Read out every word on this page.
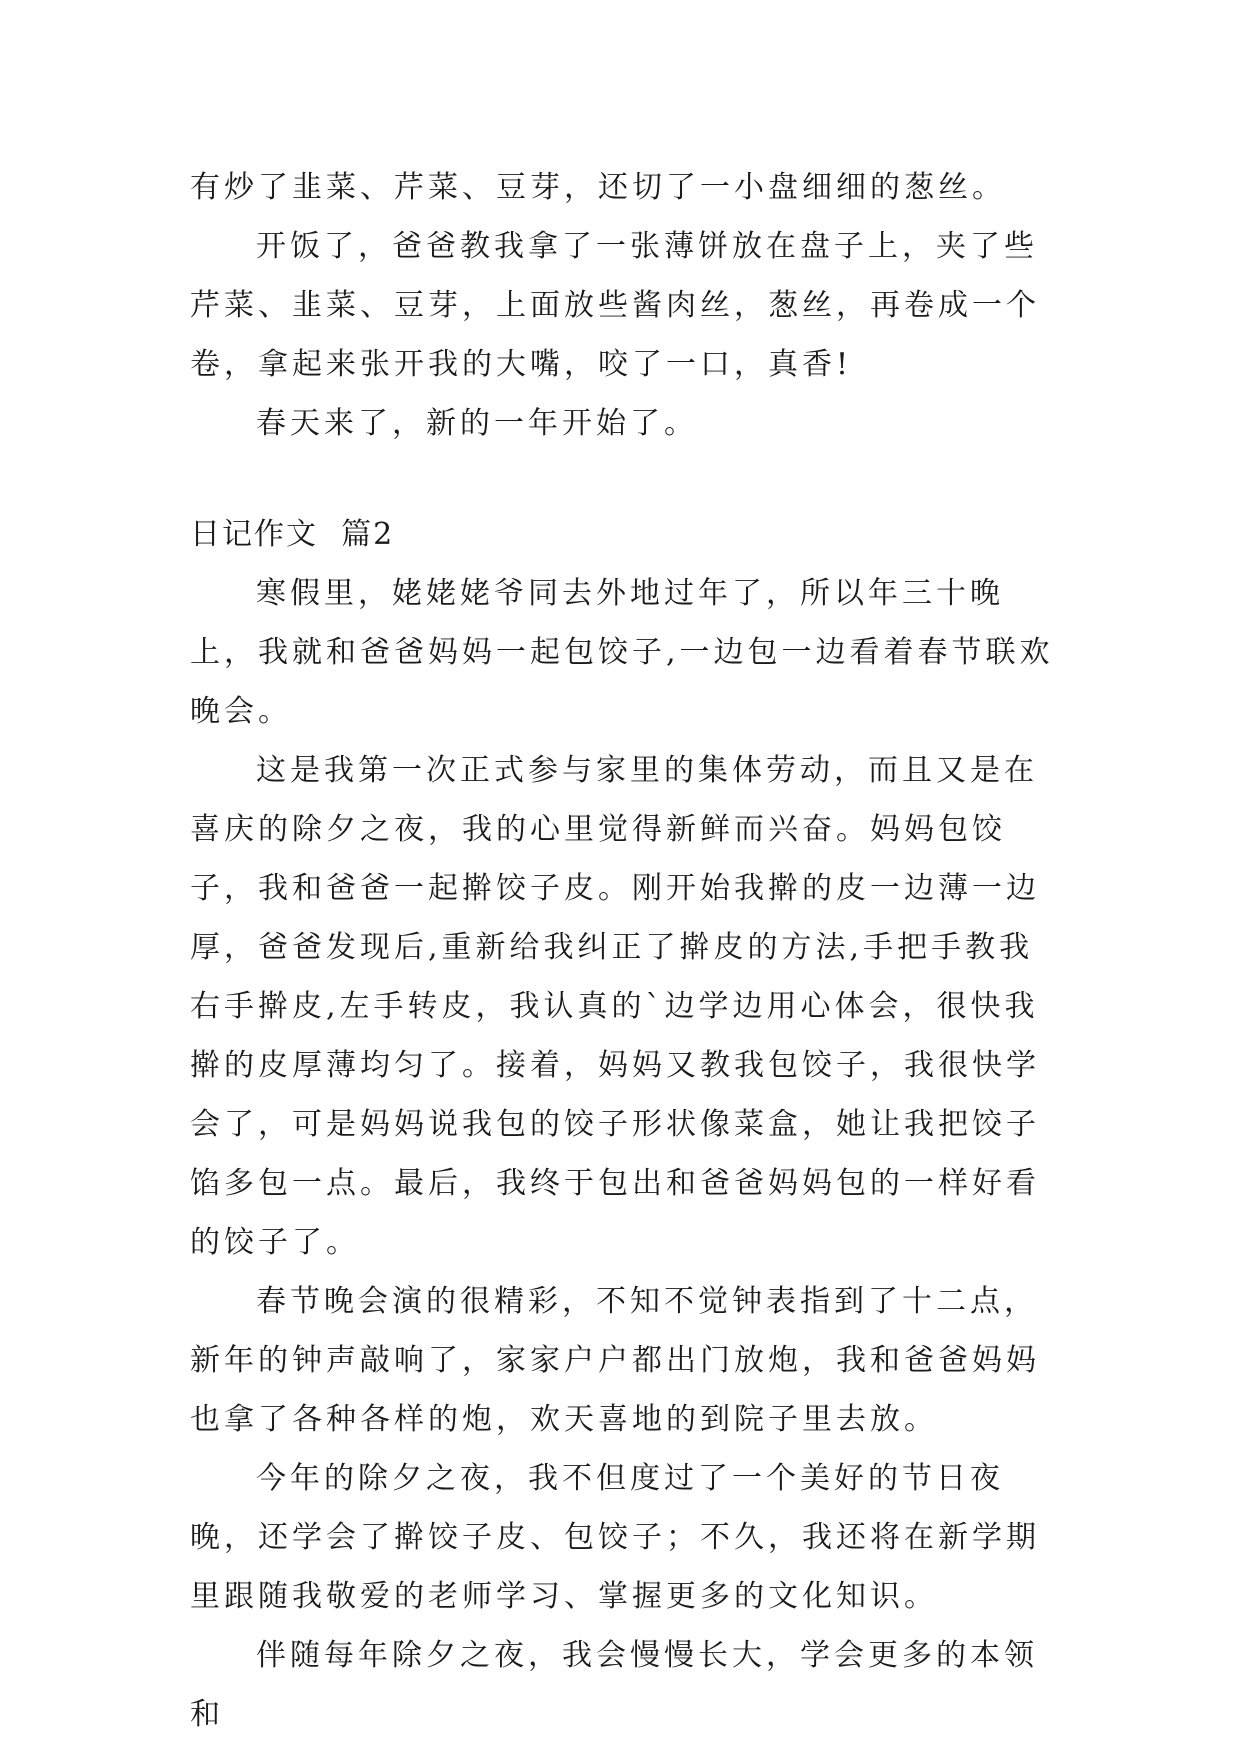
有炒了韭菜、芹菜、豆芽，还切了一小盘细细的葱丝。

开饭了，爸爸教我拿了一张薄饼放在盘子上，夹了些芹菜、韭菜、豆芽，上面放些酱肉丝，葱丝，再卷成一个卷，拿起来张开我的大嘴，咬了一口，真香!

春天来了，新的一年开始了。

日记作文  篇2

寒假里，姥姥姥爷同去外地过年了，所以年三十晚上，我就和爸爸妈妈一起包饺子,一边包一边看着春节联欢晚会。

这是我第一次正式参与家里的集体劳动，而且又是在喜庆的除夕之夜，我的心里觉得新鲜而兴奋。妈妈包饺子，我和爸爸一起擀饺子皮。刚开始我擀的皮一边薄一边厚，爸爸发现后,重新给我纠正了擀皮的方法,手把手教我右手擀皮,左手转皮，我认真的`边学边用心体会，很快我擀的皮厚薄均匀了。接着，妈妈又教我包饺子，我很快学会了，可是妈妈说我包的饺子形状像菜盒，她让我把饺子馅多包一点。最后，我终于包出和爸爸妈妈包的一样好看的饺子了。

春节晚会演的很精彩，不知不觉钟表指到了十二点，新年的钟声敲响了，家家户户都出门放炮，我和爸爸妈妈也拿了各种各样的炮，欢天喜地的到院子里去放。

今年的除夕之夜，我不但度过了一个美好的节日夜晚，还学会了擀饺子皮、包饺子；不久，我还将在新学期里跟随我敬爱的老师学习、掌握更多的文化知识。

伴随每年除夕之夜，我会慢慢长大，学会更多的本领和
